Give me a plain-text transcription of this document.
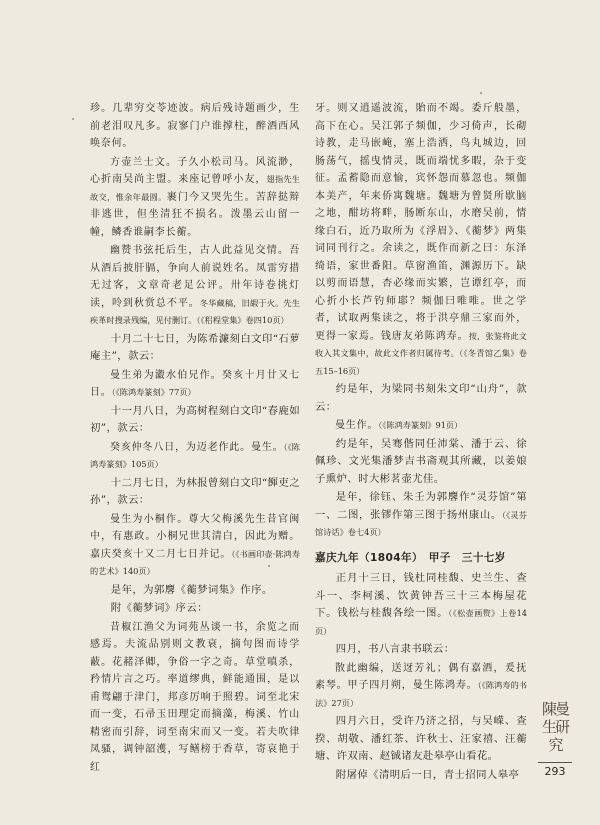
珍。几辈穷交苓迹波。病后残诗题画少，生前老泪叹凡多。寂寥门户谁撑柱，醉酒西风唤奈何。

方壶兰士文。子久小松司马。风流渺，心折南吴尚主盟。来座记曾呼小友，翅指先生故交，惟余年最圆。裹门今又哭先生。苦辞挞辩非逃世，但坐清狂不损名。泼墨云山留一幢，鳞香谁嗣李长蘅。

幽赞书弦托后生，古人此益见交情。吾从酒后披肝膈，争向人前说姓名。凤雷穷措无过客，文章奇老足公评。卅年诗卷挑灯读，呤到秋赏总不平。冬华藏稿，旧嘏于火。先生疾革时搜录残编，见付删订。（《稆程堂集》卷四10页）

十月二十七日，为陈希濂刻白文印“石萝庵主”，款云：

曼生弟为瀫水伯兄作。癸亥十月廿又七日。（《陈鸿寿篆刻》77页）

十一月八日，为高树程刻白文印“春鹿如初”，款云：

癸亥仲冬八日，为迈老作此。曼生。（《陈鸿寿篆刻》105页）

十二月七日，为林报曾刻白文印“餫吏之孙”，款云：

曼生为小桐作。尊大父梅溪先生昔官闽中，有惠政。小桐兄世其清白，因此为赠。嘉庆癸亥十又二月七日并记。（《书画印壶·陈鸿寿的艺术》140页）

是年，为郭麐《蘅梦词集》作序。

附《蘅梦词》序云：

昔椒江渔父为词苑丛谈一书，余览之而感焉。夫流品别则文教衰，摘句图而诗学蔽。花赭泽卿，争俗一字之奇。草堂嗔杀，矜情片言之巧。率道缪典，鲜能通围，是以甫鸳翩于津门，邦彦厉响于照碧。词至北宋而一变，石帚玉田理定而摘藻，梅溪、竹山精密而引辞，词至南宋而又一变。若夫吹律凤骚，调钟韶濩，写鳝榜于香草，寄哀艳于红

牙。则又逍遥波流，貽而不竭。委斤般墨，高下在心。吴江郭子频伽，少习倚声，长砌诗教，走马嵌崦，塞上浩洒，鸟丸城边，回肠荡气，摇曳情灵，既而端忧多暇，杂于变征。孟蓄隐而意愉，宾怀怨而慕忽也。频伽本美产，年来侨寓魏塘。魏塘为曾贤所歇脑之地，酣坊将畔，肠断东山，水磨吴前，情缘白石，近乃取所为《浮眉》、《蘅梦》两集词同刊行之。余读之，既作而新之曰：东泽绮语，家世番阳。草窗渔笛，渊源历下。缺以剪而语慧，杏必缘而实繁，岂谭红亭，而心折小长芦钓师耶？频伽曰唯唯。世之学者，试取两集读之，将于洪亭鼎三家而外，更得一家焉。钱唐友弟陈鸿寿。按，张鉴将此文收入其文集中，故此文作者归属待考。（《冬青馆乙集》卷五15–16页）

约是年，为梁同书刻朱文印“山舟”，款云：

曼生作。（《陈鸿寿篆刻》91页）

约是年，吴骞偕同任沛棠、潘于云、徐佩珍、文光集潘梦吉书斋观其所藏，以姜娘子熏炉、时大彬茗壶尤佳。

是年，徐钰、朱壬为郭麐作“灵芬馆”第一、二图，张镠作第三图于扬州康山。（《灵芬馆诗话》卷七4页）

嘉庆九年（1804年）　甲子　三十七岁

正月十三日，钱杜同桂馥、史兰生、查斗一、李柯溪、饮黄钟吾三十三本梅屋花下。钱松与桂馥各绘一图。（《松壶画赘》上卷14页）

四月，书八言隶书联云：

散此幽编，送迓芳礼；偶有嘉酒，爰抚素琴。甲子四月朔，曼生陈鸿寿。（《陈鸿寿的书法》27页）

四月六日，受许乃济之招，与吴嵘、查揆、胡敬、潘红茶、许秋士、汪家禧、汪蘅塘、许双南、赵铖诸友赴皋亭山看花。

附屠倬《清明后一日，青士招同人皋亭

陳曼生研究
293
